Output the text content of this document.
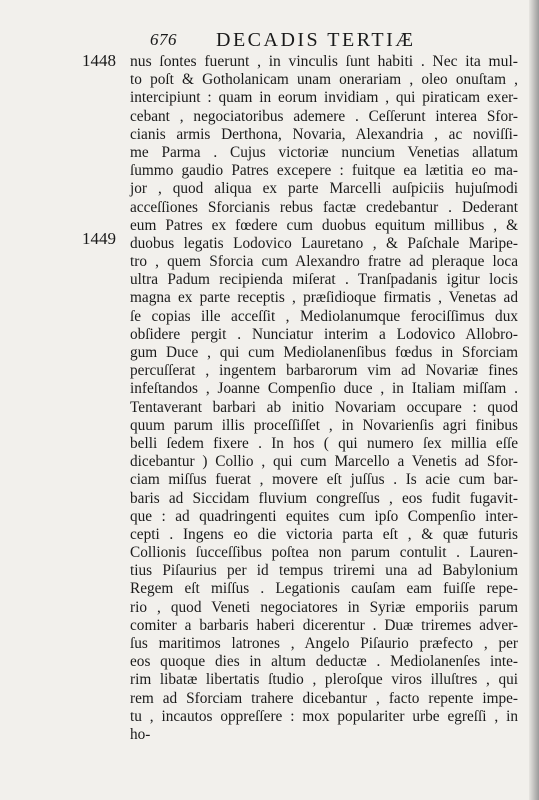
676 DECADIS TERTIÆ
1448
1449
nus ſontes fuerunt , in vinculis ſunt habiti . Nec ita mul-
to poſt & Gotholanicam unam onerariam , oleo onuſtam ,
intercipiunt : quam in eorum invidiam , qui piraticam exer-
cebant , negociatoribus ademere . Ceſſerunt interea Sfor-
cianis armis Derthona, Novaria, Alexandria , ac noviſſi-
me Parma . Cujus victoriæ nuncium Venetias allatum
ſummo gaudio Patres excepere : fuitque ea lætitia eo ma-
jor , quod aliqua ex parte Marcelli auſpiciis hujuſmodi
acceſſiones Sforcianis rebus factæ credebantur . Dederant
eum Patres ex fœdere cum duobus equitum millibus , &
duobus legatis Lodovico Lauretano , & Paſchale Maripe-
tro , quem Sforcia cum Alexandro fratre ad pleraque loca
ultra Padum recipienda miſerat . Tranſpadanis igitur locis
magna ex parte receptis , præſidioque firmatis , Venetas ad
ſe copias ille acceſſit , Mediolanumque ferociſſimus dux
obſidere pergit . Nunciatur interim a Lodovico Allobro-
gum Duce , qui cum Mediolanenſibus fœdus in Sforciam
percuſſerat , ingentem barbarorum vim ad Novariæ fines
infeſtandos , Joanne Compenſio duce , in Italiam miſſam .
Tentaverant barbari ab initio Novariam occupare : quod
quum parum illis proceſſiſſet , in Novarienſis agri finibus
belli ſedem fixere . In hos ( qui numero ſex millia eſſe
dicebantur ) Collio , qui cum Marcello a Venetis ad Sfor-
ciam miſſus fuerat , movere eſt juſſus . Is acie cum bar-
baris ad Siccidam fluvium congreſſus , eos fudit fugavit-
que : ad quadringenti equites cum ipſo Compenſio inter-
cepti . Ingens eo die victoria parta eſt , & quæ futuris
Collionis ſucceſſibus poſtea non parum contulit . Lauren-
tius Piſaurius per id tempus triremi una ad Babylonium
Regem eſt miſſus . Legationis cauſam eam fuiſſe repe-
rio , quod Veneti negociatores in Syriæ emporiis parum
comiter a barbaris haberi dicerentur . Duæ triremes adver-
ſus maritimos latrones , Angelo Piſaurio præfecto , per
eos quoque dies in altum deductæ . Mediolanenſes inte-
rim libatæ libertatis ſtudio , pleroſque viros illuſtres , qui
rem ad Sforciam trahere dicebantur , facto repente impe-
tu , incautos oppreſſere : mox populariter urbe egreſſi , in
ho-
